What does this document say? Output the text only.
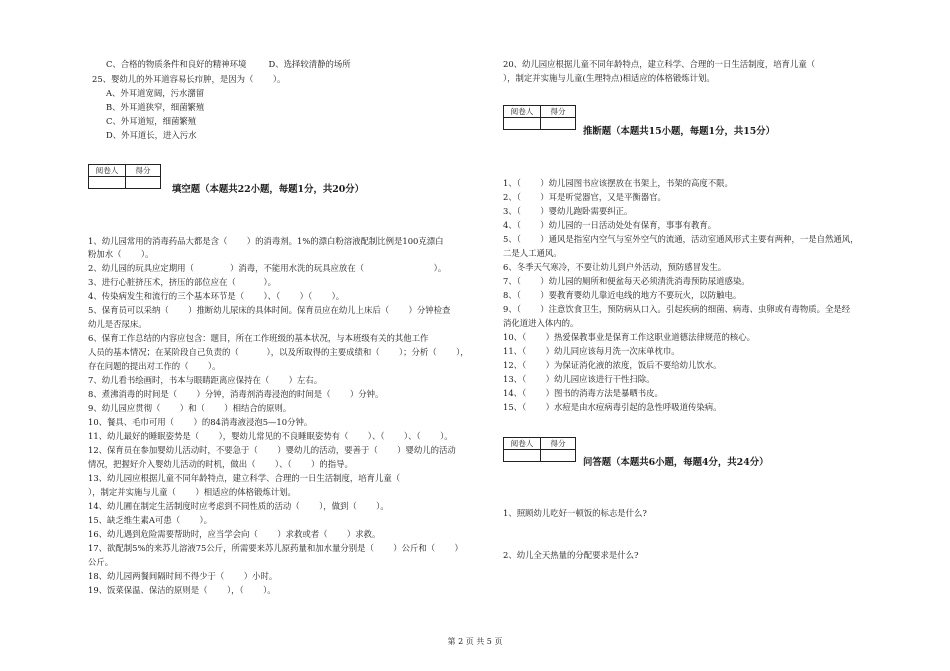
C、合格的物质条件和良好的精神环境 　　 D、选择较清静的场所
25、婴幼儿的外耳道容易长疖肿，是因为（ 　　）。
A、外耳道宽阔，污水潴留
B、外耳道狭窄，细菌繁殖
C、外耳道短，细菌繁殖
D、外耳道长，进入污水
阅卷人	得分

填空题（本题共22小题，每题1分，共20分）
1、幼儿园常用的消毒药品大都是含（ 　　）的消毒剂。1%的漂白粉溶液配制比例是100克漂白
粉加水（ 　　）。
2、幼儿园的玩具应定期用（ 　　　　）消毒，不能用水洗的玩具应放在（ 　　　　　　　　）。
3、进行心脏挤压术，挤压的部位应在（ 　　　）。
4、传染病发生和流行的三个基本环节是（ 　　）、（ 　　）（ 　　）。
5、保育员可以采纳（ 　　）推断幼儿尿床的具体时间。保育员应在幼儿上床后（ 　　）分钟检查
幼儿是否尿床。
6、保育工作总结的内容应包含：题目，所在工作班级的基本状况，与本班级有关的其他工作
人员的基本情况；在某阶段自己负责的（ 　　　），以及所取得的主要成绩和（ 　　）；分析（ 　　），
存在问题的提出对工作的（ 　　）。
7、幼儿看书绘画时，书本与眼睛距离应保持在（ 　　）左右。
8、煮沸消毒的时间是（ 　　）分钟，消毒剂消毒浸泡的时间是（ 　　）分钟。
9、幼儿园应贯彻（ 　　）和（ 　　）相结合的原则。
10、餐具、毛巾可用（ 　　）的84消毒液浸泡5—10分钟。
11、幼儿最好的睡眠姿势是（ 　　），婴幼儿常见的不良睡眠姿势有（ 　　）、（ 　　）、（ 　　）。
12、保育员在参加婴幼儿活动时，不要急于（ 　　）婴幼儿的活动，要善于（ 　　）婴幼儿的活动
情况，把握好介入婴幼儿活动的时机，做出（ 　　）、（ 　　）的指导。
13、幼儿园应根据儿童不同年龄特点，建立科学、合理的一日生活制度，培育儿童（ 　　
），制定并实施与儿童（ 　　）相适应的体格锻炼计划。
14、幼儿圃在制定生活制度时应考虑到不同性质的活动（ 　　），做到（ 　　）。
15、缺乏维生素A可患（ 　　）。
16、幼儿遇到危险需要帮助时，应当学会向（ 　　）求救或者（ 　　）求救。
17、欲配制5%的来苏儿溶液75公斤，所需要来苏儿原药量和加水量分别是（ 　　）公斤和（ 　　）
公斤。
18、幼儿园两餐间隔时间不得少于（ 　　）小时。
19、饭菜保温、保洁的原则是（ 　　），（ 　　）。
20、幼儿园应根据儿童不同年龄特点，建立科学、合理的一日生活制度，培育儿童（
），制定并实施与儿童(生理特点)相适应的体格锻炼计划。
阅卷人	得分

推断题（本题共15小题，每题1分，共15分）
1、（ 　　）幼儿园图书应该摆放在书架上，书架的高度不限。
2、（ 　　）耳是听觉器官，又是平衡器官。
3、（ 　　）婴幼儿跑卧需要纠正。
4、（ 　　）幼儿园的一日活动处处有保育，事事有教育。
5、（ 　　）通风是指室内空气与室外空气的流通，活动室通风形式主要有两种，一是自然通风，
二是人工通风。
6、冬季天气寒冷，不要让幼儿到户外活动，预防感冒发生。
7、（ 　　）幼儿园的厕所和便盆每天必须清洗消毒预防尿道感染。
8、（ 　　）要教育婴幼儿靠近电线的地方不要玩火，以防触电。
9、（ 　　）注意饮食卫生，预防病从口入。引起疾病的细菌、病毒、虫卵或有毒物质。全是经
消化道进入体内的。
10、（ 　　）热爱保教事业是保育工作这职业道德法律规范的核心。
11、（ 　　）幼儿同应该每月洗一次床单枕巾。
12、（ 　　）为保证消化液的浓度，饭后不要给幼儿饮水。
13、（ 　　）幼儿园应该进行干性扫除。
14、（ 　　）图书的消毒方法是暴晒书皮。
15、（ 　　）水痘是由水痘病毒引起的急性呼吸道传染病。
阅卷人	得分

问答题（本题共6小题，每题4分，共24分）
1、照顾幼儿吃好一顿饭的标志是什么?
2、幼儿全天热量的分配要求是什么?
第 2 页 共 5 页
